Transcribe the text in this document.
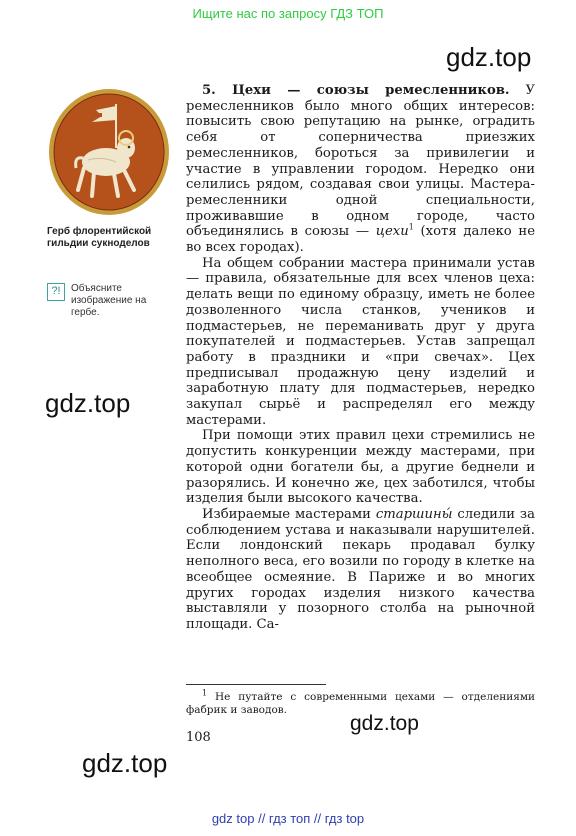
Ищите нас по запросу ГДЗ ТОП
gdz.top
gdz.top
gdz.top
gdz.top
Герб флорентийской гильдии сукноделов
?!	Объясните изображение на гербе.

5. Цехи — союзы ремесленников. У ремесленников было много общих интересов: повысить свою репутацию на рынке, оградить себя от соперничества приезжих ремесленников, бороться за привилегии и участие в управлении городом. Нередко они селились рядом, создавая свои улицы. Мастера-ремесленники одной специальности, проживавшие в одном городе, часто объединялись в союзы — цехи$^1$ (хотя далеко не во всех городах).

На общем собрании мастера принимали устав — правила, обязательные для всех членов цеха: делать вещи по единому образцу, иметь не более дозволенного числа станков, учеников и подмастерьев, не переманивать друг у друга покупателей и подмастерьев. Устав запрещал работу в праздники и «при свечах». Цех предписывал продажную цену изделий и заработную плату для подмастерьев, нередко закупал сырьё и распределял его между мастерами.

При помощи этих правил цехи стремились не допустить конкуренции между мастерами, при которой одни богатели бы, а другие беднели и разорялись. И конечно же, цех заботился, чтобы изделия были высокого качества.

Избираемые мастерами старшины́ следили за соблюдением устава и наказывали нарушителей. Если лондонский пекарь продавал булку неполного веса, его возили по городу в клетке на всеобщее осмеяние. В Париже и во многих других городах изделия низкого качества выставляли у позорного столба на рыночной площади. Са-

$^1$ Не путайте с современными цехами — отделениями фабрик и заводов.
108
gdz top // гдз топ // гдз top
